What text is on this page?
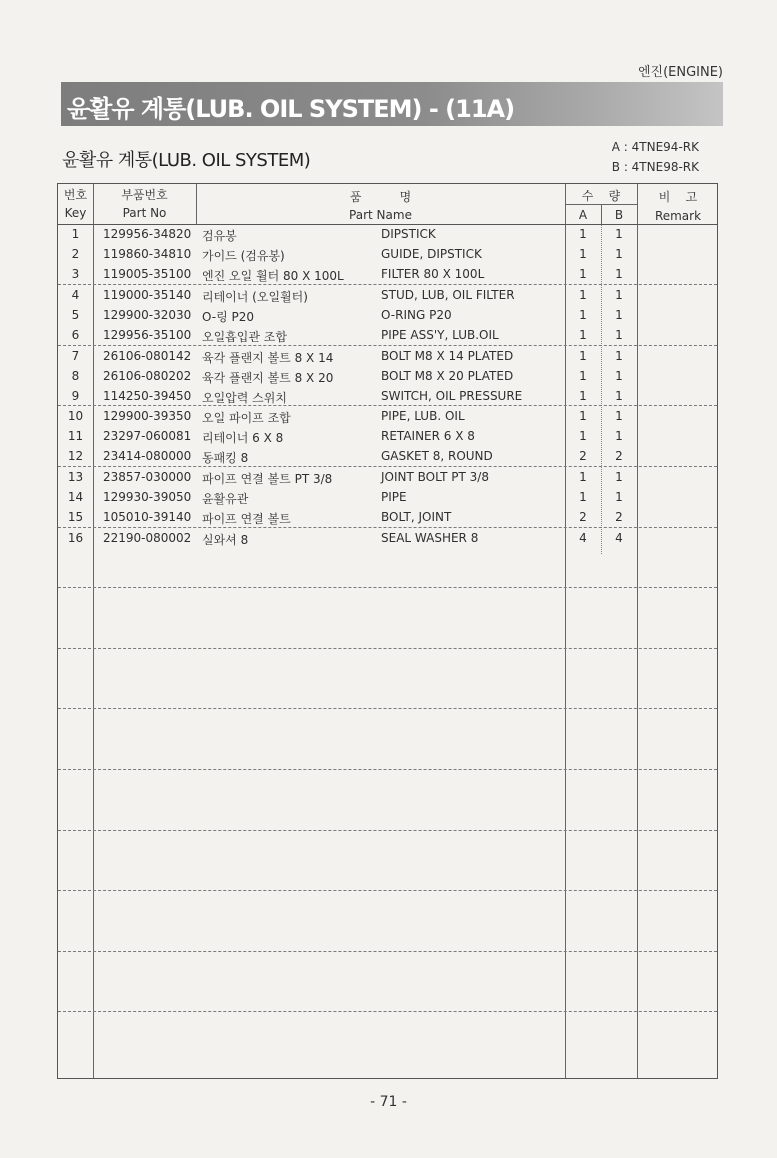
엔진(ENGINE)
윤활유 계통(LUB. OIL SYSTEM) - (11A)
윤활유 계통(LUB. OIL SYSTEM)
A : 4TNE94-RK
B : 4TNE98-RK
번호
Key
부품번호
Part No
품          명
Part Name
수    량
A	B
비    고
Remark
1	129956-34820 검유봉	DIPSTICK	1	1
2	119860-34810 가이드 (검유봉)	GUIDE, DIPSTICK	1	1
3	119005-35100 엔진 오일 휠터 80 X 100L	FILTER 80 X 100L	1	1
4	119000-35140 리테이너 (오일휠터)	STUD, LUB, OIL FILTER	1	1
5	129900-32030 O-링 P20	O-RING P20	1	1
6	129956-35100 오일흡입관 조합	PIPE ASS'Y, LUB.OIL	1	1
7	26106-080142 육각 플랜지 볼트 8 X 14	BOLT M8 X 14 PLATED	1	1
8	26106-080202 육각 플랜지 볼트 8 X 20	BOLT M8 X 20 PLATED	1	1
9	114250-39450 오일압력 스위치	SWITCH, OIL PRESSURE	1	1
10	129900-39350 오일 파이프 조합	PIPE, LUB. OIL	1	1
11	23297-060081 리테이너 6 X 8	RETAINER 6 X 8	1	1
12	23414-080000 동패킹 8	GASKET 8, ROUND	2	2
13	23857-030000 파이프 연결 볼트 PT 3/8	JOINT BOLT PT 3/8	1	1
14	129930-39050 윤활유관	PIPE	1	1
15	105010-39140 파이프 연결 볼트	BOLT, JOINT	2	2
16	22190-080002 실와셔 8	SEAL WASHER 8	4	4
- 71 -
